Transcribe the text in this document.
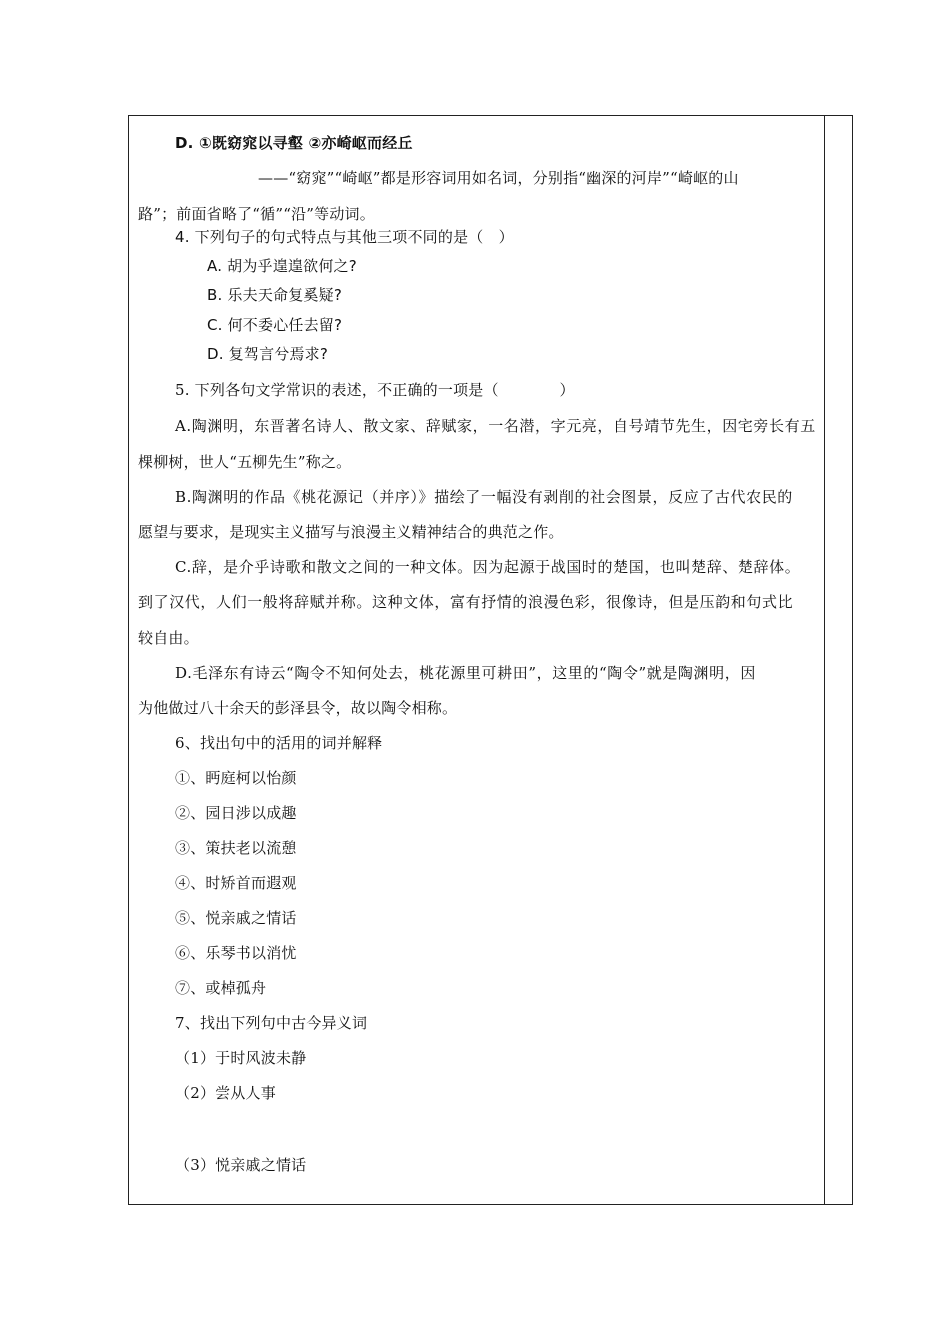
D. ①既窈窕以寻壑 ②亦崎岖而经丘
——“窈窕”“崎岖”都是形容词用如名词，分别指“幽深的河岸”“崎岖的山
路”；前面省略了“循”“沿”等动词。
4. 下列句子的句式特点与其他三项不同的是（　）
A. 胡为乎遑遑欲何之?
B. 乐夫天命复奚疑?
C. 何不委心任去留?
D. 复驾言兮焉求?
5. 下列各句文学常识的表述，不正确的一项是（　　　　）
A.陶渊明，东晋著名诗人、散文家、辞赋家，一名潜，字元亮，自号靖节先生，因宅旁长有五
棵柳树，世人“五柳先生”称之。
B.陶渊明的作品《桃花源记（并序）》描绘了一幅没有剥削的社会图景，反应了古代农民的
愿望与要求，是现实主义描写与浪漫主义精神结合的典范之作。
C.辞，是介乎诗歌和散文之间的一种文体。因为起源于战国时的楚国，也叫楚辞、楚辞体。
到了汉代，人们一般将辞赋并称。这种文体，富有抒情的浪漫色彩，很像诗，但是压韵和句式比
较自由。
D.毛泽东有诗云“陶令不知何处去，桃花源里可耕田”，这里的“陶令”就是陶渊明，因
为他做过八十余天的彭泽县令，故以陶令相称。
6、找出句中的活用的词并解释
①、眄庭柯以怡颜
②、园日涉以成趣
③、策扶老以流憩
④、时矫首而遐观
⑤、悦亲戚之情话
⑥、乐琴书以消忧
⑦、或棹孤舟
7、找出下列句中古今异义词
（1）于时风波未静
（2）尝从人事
（3）悦亲戚之情话
